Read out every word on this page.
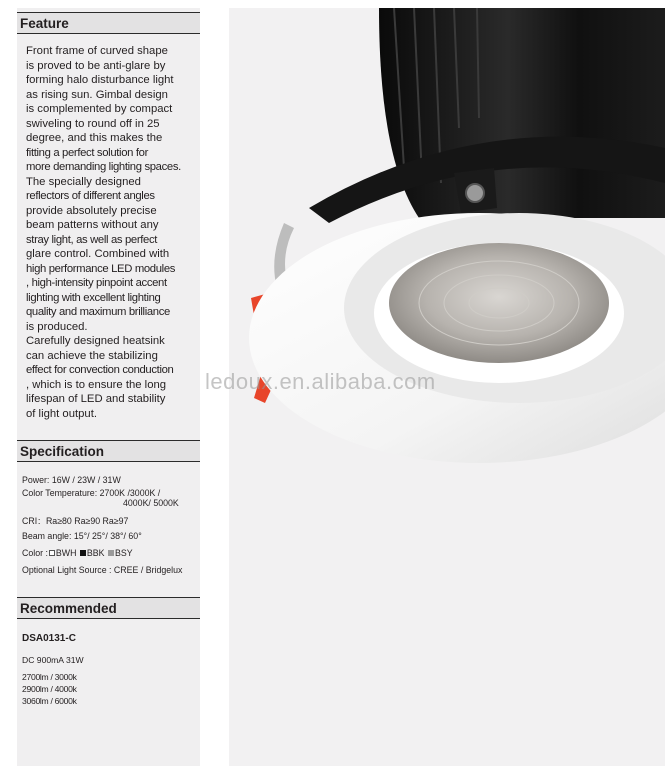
Feature
Front frame of curved shape
is proved to be anti-glare by
forming halo disturbance light
as rising sun. Gimbal design
is complemented by compact
swiveling to round off in 25
degree, and this makes the
fitting a perfect solution for
more demanding lighting spaces.
The specially designed
reflectors of different angles
provide absolutely precise
beam patterns without any
stray light, as well as perfect
glare control. Combined with
high performance LED modules
, high-intensity pinpoint accent
lighting with excellent lighting
quality and maximum brilliance
is produced.
Carefully designed heatsink
can achieve the stabilizing
effect for convection conduction
, which is to ensure the long
lifespan of LED and stability
of light output.
Specification
Power: 16W / 23W / 31W
Color Temperature: 2700K /3000K /
4000K/ 5000K
CRI：Ra≥80 Ra≥90 Ra≥97
Beam angle: 15°/ 25°/ 38°/ 60°
Color : BWH BBK BSY
Optional Light Source : CREE / Bridgelux
Recommended
DSA0131-C
DC 900mA 31W
2700lm / 3000k
2900lm / 4000k
3060lm / 6000k
ledoux.en.alibaba.com
